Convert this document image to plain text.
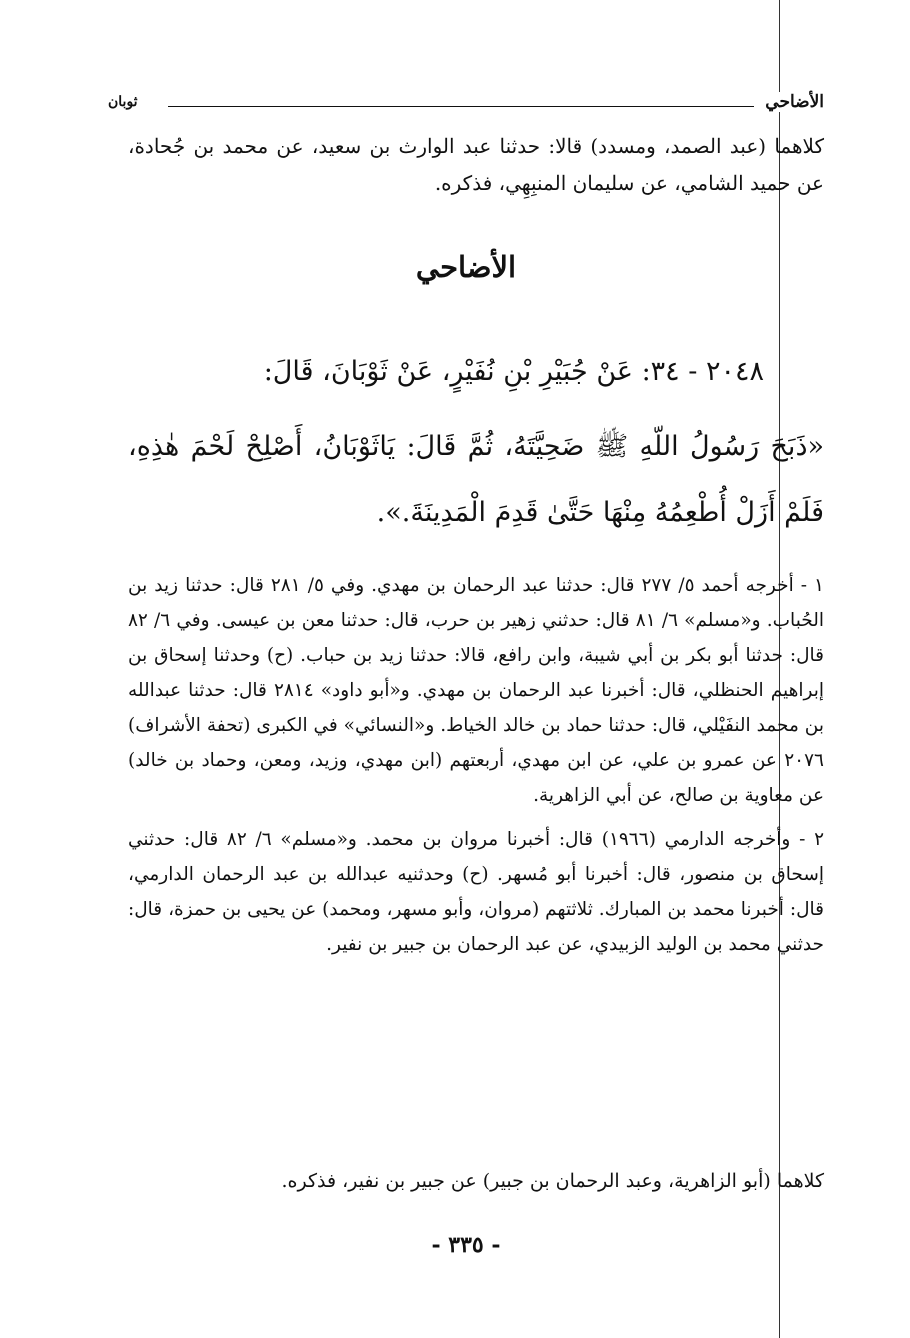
الأضاحي
ثوبان

كلاهما (عبد الصمد، ومسدد) قالا: حدثنا عبد الوارث بن سعيد، عن محمد بن جُحادة، عن حميد الشامي، عن سليمان المنبِهِي، فذكره.

الأضاحي
٢٠٤٨ - ٣٤: عَنْ جُبَيْرِ بْنِ نُفَيْرٍ، عَنْ ثَوْبَانَ، قَالَ:
«ذَبَحَ رَسُولُ اللّهِ ﷺ ضَحِيَّتَهُ، ثُمَّ قَالَ: يَاثَوْبَانُ، أَصْلِحْ لَحْمَ هٰذِهِ، فَلَمْ أَزَلْ أُطْعِمُهُ مِنْهَا حَتَّىٰ قَدِمَ الْمَدِينَةَ.».

١ - أخرجه أحمد ٥/ ٢٧٧ قال: حدثنا عبد الرحمان بن مهدي. وفي ٥/ ٢٨١ قال: حدثنا زيد بن الحُباب. و«مسلم» ٦/ ٨١ قال: حدثني زهير بن حرب، قال: حدثنا معن بن عيسى. وفي ٦/ ٨٢ قال: حدثنا أبو بكر بن أبي شيبة، وابن رافع، قالا: حدثنا زيد بن حباب. (ح) وحدثنا إسحاق بن إبراهيم الحنظلي، قال: أخبرنا عبد الرحمان بن مهدي. و«أبو داود» ٢٨١٤ قال: حدثنا عبدالله بن محمد النفَيْلي، قال: حدثنا حماد بن خالد الخياط. و«النسائي» في الكبرى (تحفة الأشراف) ٢٠٧٦ عن عمرو بن علي، عن ابن مهدي، أربعتهم (ابن مهدي، وزيد، ومعن، وحماد بن خالد) عن معاوية بن صالح، عن أبي الزاهرية.

٢ - وأخرجه الدارمي (١٩٦٦) قال: أخبرنا مروان بن محمد. و«مسلم» ٦/ ٨٢ قال: حدثني إسحاق بن منصور، قال: أخبرنا أبو مُسهر. (ح) وحدثنيه عبدالله بن عبد الرحمان الدارمي، قال: أخبرنا محمد بن المبارك. ثلاثتهم (مروان، وأبو مسهر، ومحمد) عن يحيى بن حمزة، قال: حدثني محمد بن الوليد الزبيدي، عن عبد الرحمان بن جبير بن نفير.

كلاهما (أبو الزاهرية، وعبد الرحمان بن جبير) عن جبير بن نفير، فذكره.
- ٣٣٥ -
